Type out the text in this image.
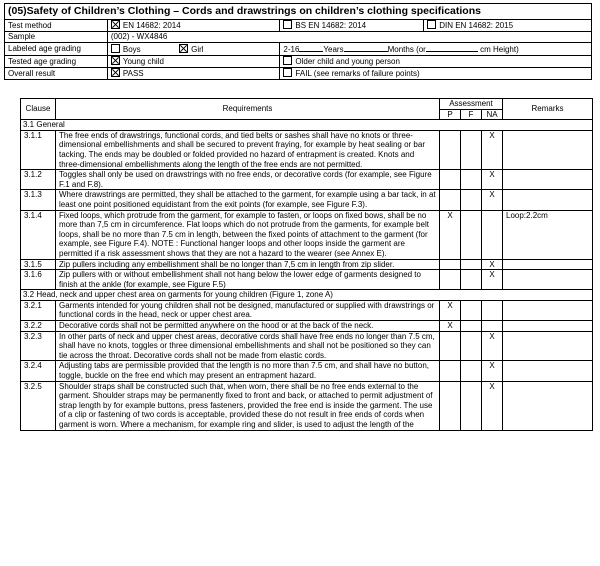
(05)Safety of Children’s Clothing – Cords and drawstrings on children’s clothing specifications			
Test method	EN 14682: 2014	BS EN 14682: 2014	DIN EN 14682: 2015
Sample	(002) - WX4846		
Labeled age grading	Boys Girl	2-16 Years Months (or cm Height)	
Tested age grading	Young child	Older child and young person	
Overall result	PASS	FAIL (see remarks of failure points)	
Clause	Requirements	Assessment			Remarks
		P	F	NA	
3.1 General					
3.1.1	The free ends of drawstrings, functional cords, and tied belts or sashes shall have no knots or three-dimensional embellishments and shall be secured to prevent fraying, for example by heat sealing or bar tacking. The ends may be doubled or folded provided no hazard of entrapment is created. Knots and three-dimensional embellishments along the length of the free ends are not permitted.			X	
3.1.2	Toggles shall only be used on drawstrings with no free ends, or decorative cords (for example, see Figure F.1 and F.8).			X	
3.1.3	Where drawstrings are permitted, they shall be attached to the garment, for example using a bar tack, in at least one point positioned equidistant from the exit points (for example, see Figure F.3).			X	
3.1.4	Fixed loops, which protrude from the garment, for example to fasten, or loops on fixed bows, shall be no more than 7,5 cm in circumference. Flat loops which do not protrude from the garments, for example belt loops, shall be no more than 7.5 cm in length, between the fixed points of attachment to the garment (for example, see Figure F.4). NOTE : Functional hanger loops and other loops inside the garment are permitted if a risk assessment shows that they are not a hazard to the wearer (see Annex E).	X			Loop:2.2cm
3.1.5	Zip pullers including any embellishment shall be no longer than 7,5 cm in length from zip slider.			X	
3.1.6	Zip pullers with or without embellishment shall not hang below the lower edge of garments designed to finish at the ankle (for example, see Figure F.5)			X	
3.2 Head, neck and upper chest area on garments for young children (Figure 1, zone A)					
3.2.1	Garments intended for young children shall not be designed, manufactured or supplied with drawstrings or functional cords in the head, neck or upper chest area.	X			
3.2.2	Decorative cords shall not be permitted anywhere on the hood or at the back of the neck.	X			
3.2.3	In other parts of neck and upper chest areas, decorative cords shall have free ends no longer than 7.5 cm, shall have no knots, toggles or three dimensional embellishments and shall not be positioned so they can tie across the throat. Decorative cords shall not be made from elastic cords.			X	
3.2.4	Adjusting tabs are permissible provided that the length is no more than 7.5 cm, and shall have no button, toggle, buckle on the free end which may present an entrapment hazard.			X	
3.2.5	Shoulder straps shall be constructed such that, when worn, there shall be no free ends external to the garment. Shoulder straps may be permanently fixed to front and back, or attached to permit adjustment of strap length by for example buttons, press fasteners, provided the free end is inside the garment. The use of a clip or fastening of two cords is acceptable, provided these do not result in free ends of cords when garment is worn. Where a mechanism, for example ring and slider, is used to adjust the length of the			X	
